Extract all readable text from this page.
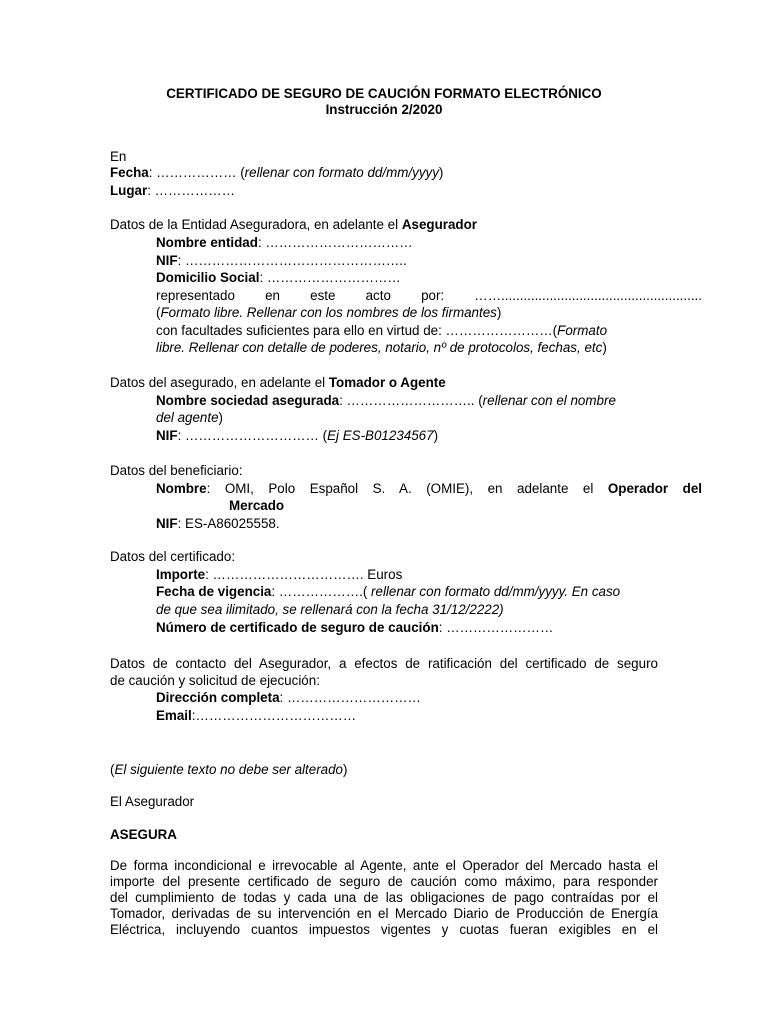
CERTIFICADO DE SEGURO DE CAUCIÓN FORMATO ELECTRÓNICO
Instrucción 2/2020
En
Fecha: ……………… (rellenar con formato dd/mm/yyyy)
Lugar: ………………
Datos de la Entidad Aseguradora, en adelante el Asegurador
Nombre entidad: ……………………………
NIF: …………………………………………..
Domicilio Social: …………………………
representado en este acto por: ……......................................................
(Formato libre. Rellenar con los nombres de los firmantes)
con facultades suficientes para ello en virtud de: ……………………(Formato
libre. Rellenar con detalle de poderes, notario, nº de protocolos, fechas, etc)
Datos del asegurado, en adelante el Tomador o Agente
Nombre sociedad asegurada: ……………………….. (rellenar con el nombre
del agente)
NIF: ………………………… (Ej ES-B01234567)
Datos del beneficiario:
Nombre: OMI, Polo Español S. A. (OMIE), en adelante el Operador del
Mercado
NIF: ES-A86025558.
Datos del certificado:
Importe: ……………………………. Euros
Fecha de vigencia: ……………….( rellenar con formato dd/mm/yyyy. En caso
de que sea ilimitado, se rellenará con la fecha 31/12/2222)
Número de certificado de seguro de caución: ……………………
Datos de contacto del Asegurador, a efectos de ratificación del certificado de seguro
de caución y solicitud de ejecución:
Dirección completa: …………………………
Email:………………………………
(El siguiente texto no debe ser alterado)
El Asegurador
ASEGURA
De forma incondicional e irrevocable al Agente, ante el Operador del Mercado hasta el
importe del presente certificado de seguro de caución como máximo, para responder
del cumplimiento de todas y cada una de las obligaciones de pago contraídas por el
Tomador, derivadas de su intervención en el Mercado Diario de Producción de Energía
Eléctrica, incluyendo cuantos impuestos vigentes y cuotas fueran exigibles en el
